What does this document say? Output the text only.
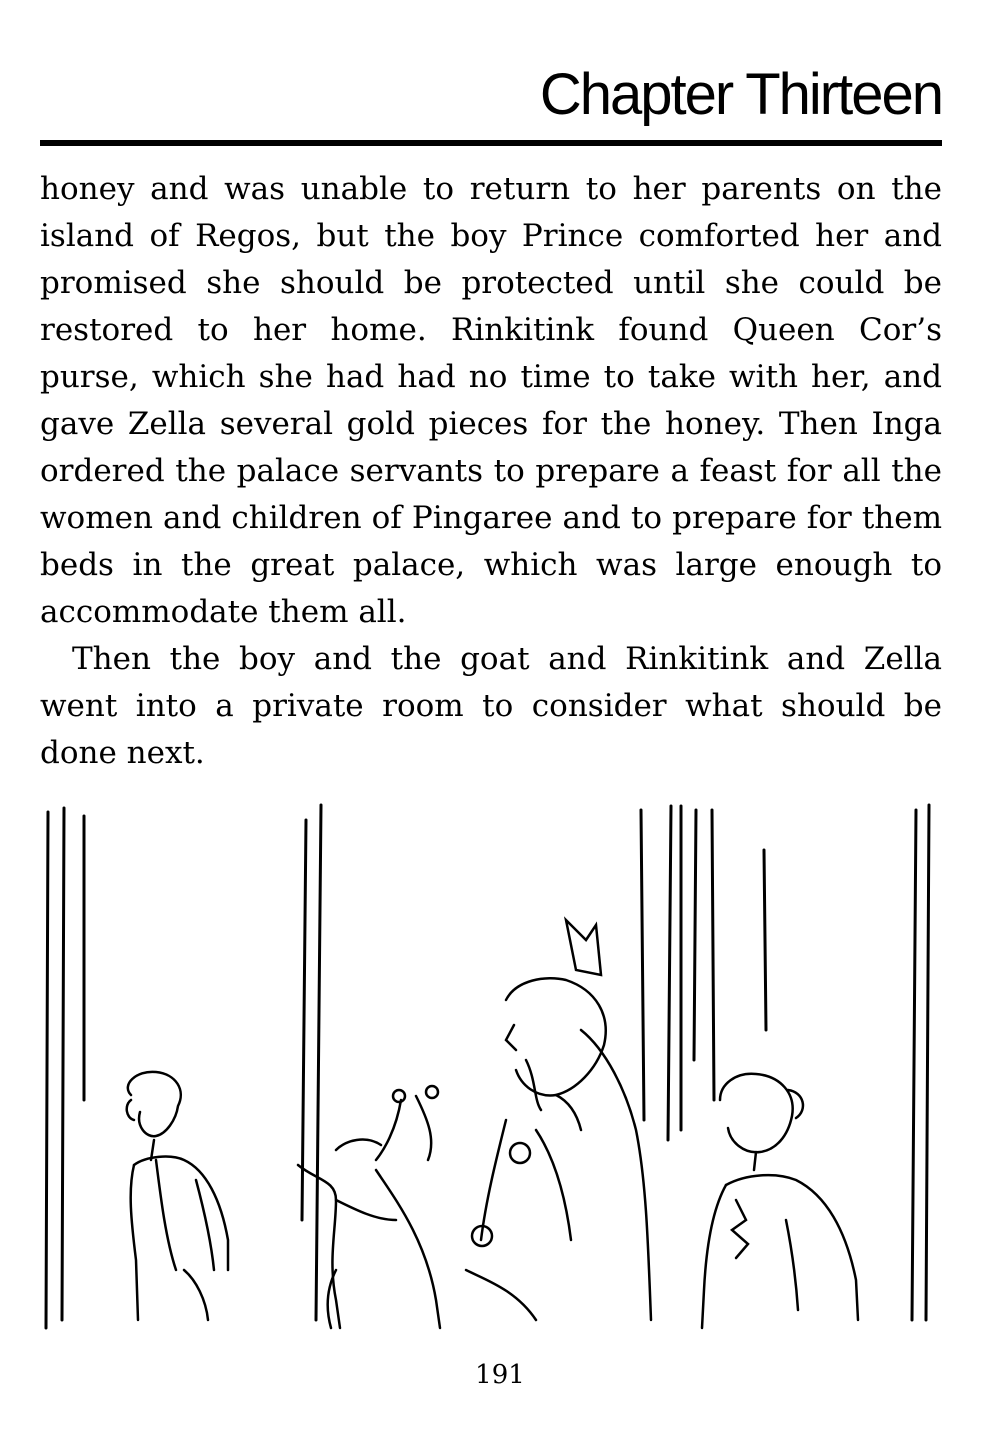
Chapter Thirteen

honey and was unable to return to her parents on the island of Regos, but the boy Prince comforted her and promised she should be protected until she could be restored to her home. Rinkitink found Queen Cor’s purse, which she had had no time to take with her, and gave Zella several gold pieces for the honey. Then Inga ordered the palace servants to prepare a feast for all the women and children of Pingaree and to prepare for them beds in the great palace, which was large enough to accommodate them all.

Then the boy and the goat and Rinkitink and Zella went into a private room to consider what should be done next.

191
